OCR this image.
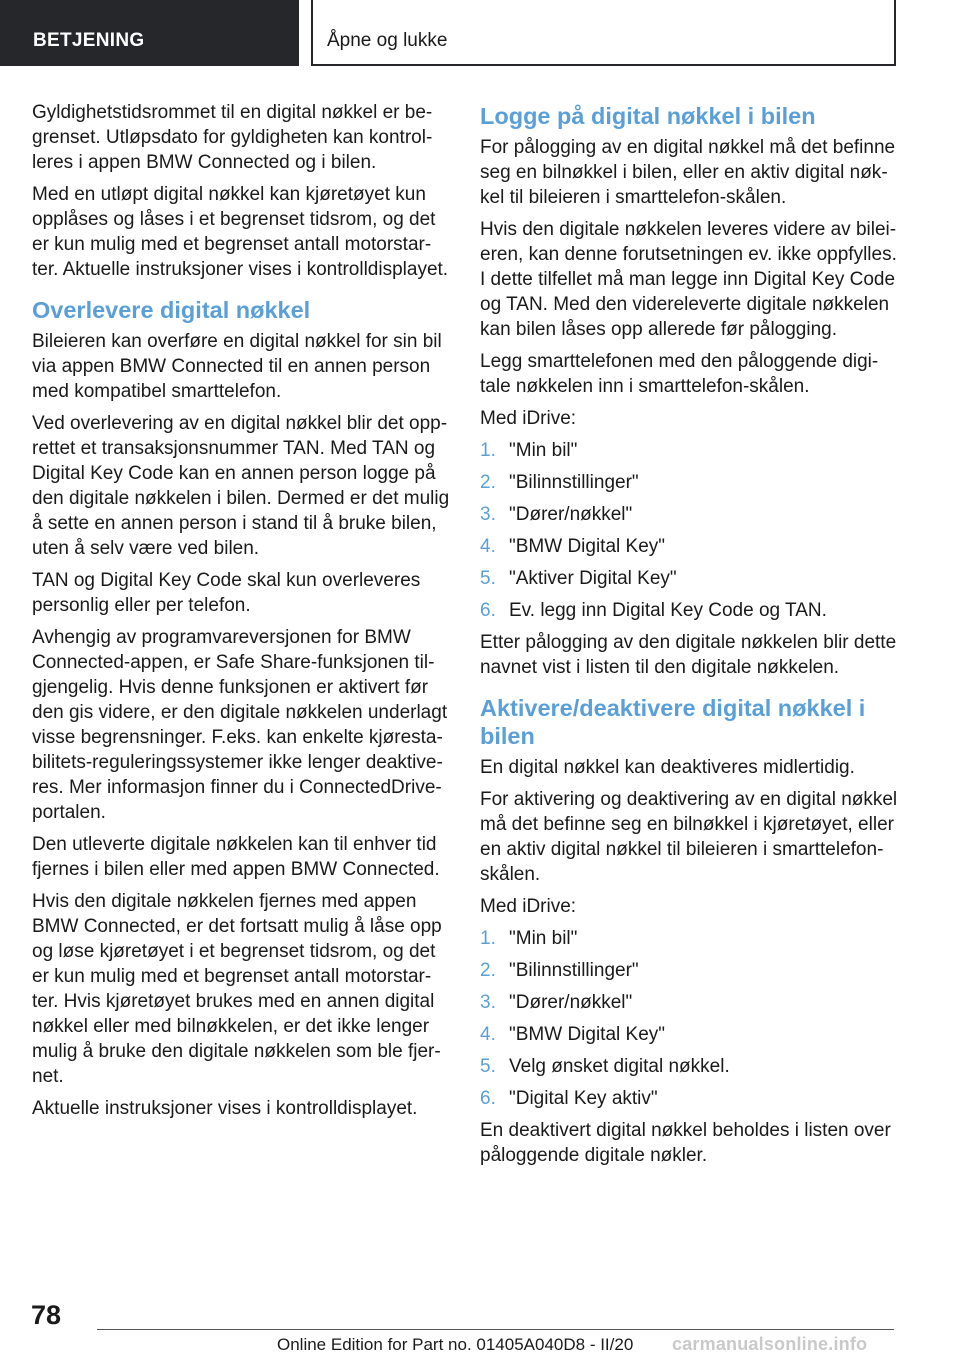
BETJENING	Åpne og lukke

Gyldighetstidsrommet til en digital nøkkel er begrenset. Utløpsdato for gyldigheten kan kontrolleres i appen BMW Connected og i bilen.

Med en utløpt digital nøkkel kan kjøretøyet kun opplåses og låses i et begrenset tidsrom, og det er kun mulig med et begrenset antall motorstarter. Aktuelle instruksjoner vises i kontrolldisplayet.

Overlevere digital nøkkel

Bileieren kan overføre en digital nøkkel for sin bil via appen BMW Connected til en annen person med kompatibel smarttelefon.

Ved overlevering av en digital nøkkel blir det opprettet et transaksjonsnummer TAN. Med TAN og Digital Key Code kan en annen person logge på den digitale nøkkelen i bilen. Dermed er det mulig å sette en annen person i stand til å bruke bilen, uten å selv være ved bilen.

TAN og Digital Key Code skal kun overleveres personlig eller per telefon.

Avhengig av programvareversjonen for BMW Connected-appen, er Safe Share-funksjonen tilgjengelig. Hvis denne funksjonen er aktivert før den gis videre, er den digitale nøkkelen underlagt visse begrensninger. F.eks. kan enkelte kjørestabilitets-reguleringssystemer ikke lenger deaktiveres. Mer informasjon finner du i ConnectedDrive-portalen.

Den utleverte digitale nøkkelen kan til enhver tid fjernes i bilen eller med appen BMW Connected.

Hvis den digitale nøkkelen fjernes med appen BMW Connected, er det fortsatt mulig å låse opp og løse kjøretøyet i et begrenset tidsrom, og det er kun mulig med et begrenset antall motorstarter. Hvis kjøretøyet brukes med en annen digital nøkkel eller med bilnøkkelen, er det ikke lenger mulig å bruke den digitale nøkkelen som ble fjernet.

Aktuelle instruksjoner vises i kontrolldisplayet.

Logge på digital nøkkel i bilen

For pålogging av en digital nøkkel må det befinne seg en bilnøkkel i bilen, eller en aktiv digital nøkkel til bileieren i smarttelefon-skålen.

Hvis den digitale nøkkelen leveres videre av bileieren, kan denne forutsetningen ev. ikke oppfylles. I dette tilfellet må man legge inn Digital Key Code og TAN. Med den videreleverte digitale nøkkelen kan bilen låses opp allerede før pålogging.

Legg smarttelefonen med den påloggende digitale nøkkelen inn i smarttelefon-skålen.

Med iDrive:

1. "Min bil"
2. "Bilinnstillinger"
3. "Dører/nøkkel"
4. "BMW Digital Key"
5. "Aktiver Digital Key"
6. Ev. legg inn Digital Key Code og TAN.

Etter pålogging av den digitale nøkkelen blir dette navnet vist i listen til den digitale nøkkelen.

Aktivere/deaktivere digital nøkkel i bilen

En digital nøkkel kan deaktiveres midlertidig.

For aktivering og deaktivering av en digital nøkkel må det befinne seg en bilnøkkel i kjøretøyet, eller en aktiv digital nøkkel til bileieren i smarttelefon-skålen.

Med iDrive:

1. "Min bil"
2. "Bilinnstillinger"
3. "Dører/nøkkel"
4. "BMW Digital Key"
5. Velg ønsket digital nøkkel.
6. "Digital Key aktiv"

En deaktivert digital nøkkel beholdes i listen over påloggende digitale nøkler.

78
Online Edition for Part no. 01405A040D8 - II/20 carmanualsonline.info
